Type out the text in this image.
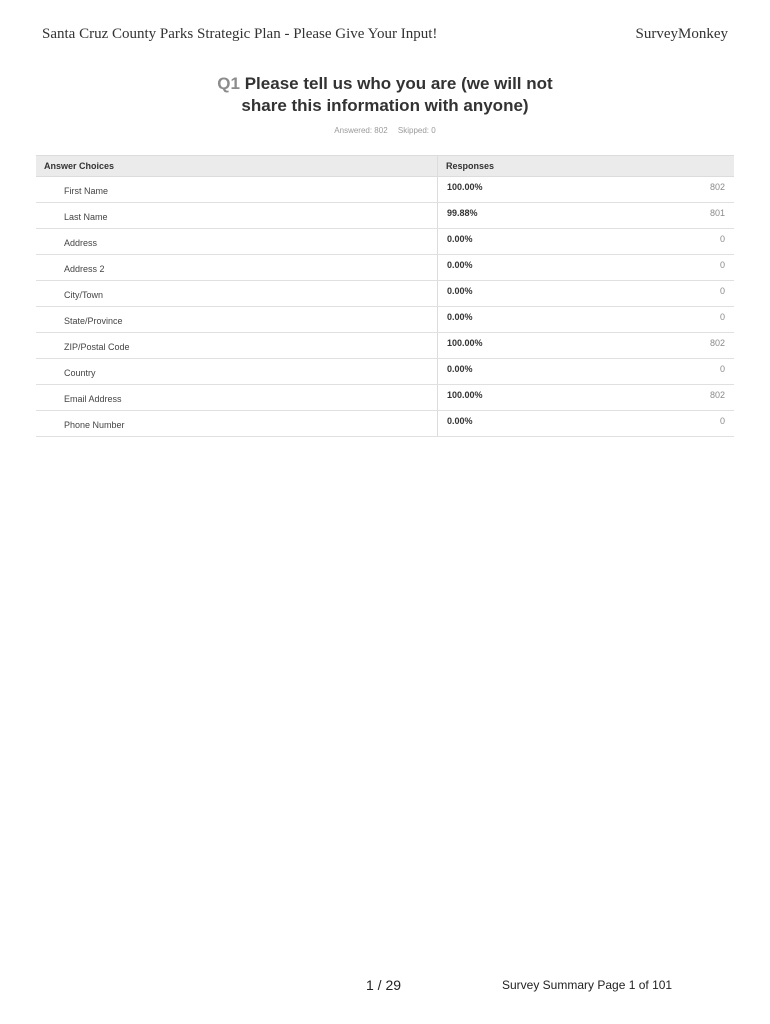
Santa Cruz County Parks Strategic Plan - Please Give Your Input!	SurveyMonkey
Q1 Please tell us who you are (we will not
share this information with anyone)
Answered: 802 Skipped: 0
Answer Choices	Responses

First Name	100.00% 802

Last Name	99.88% 801

Address	0.00% 0

Address 2	0.00% 0

City/Town	0.00% 0

State/Province	0.00% 0

ZIP/Postal Code	100.00% 802

Country	0.00% 0

Email Address	100.00% 802

Phone Number	0.00% 0
1 / 29	Survey Summary Page 1 of 101
